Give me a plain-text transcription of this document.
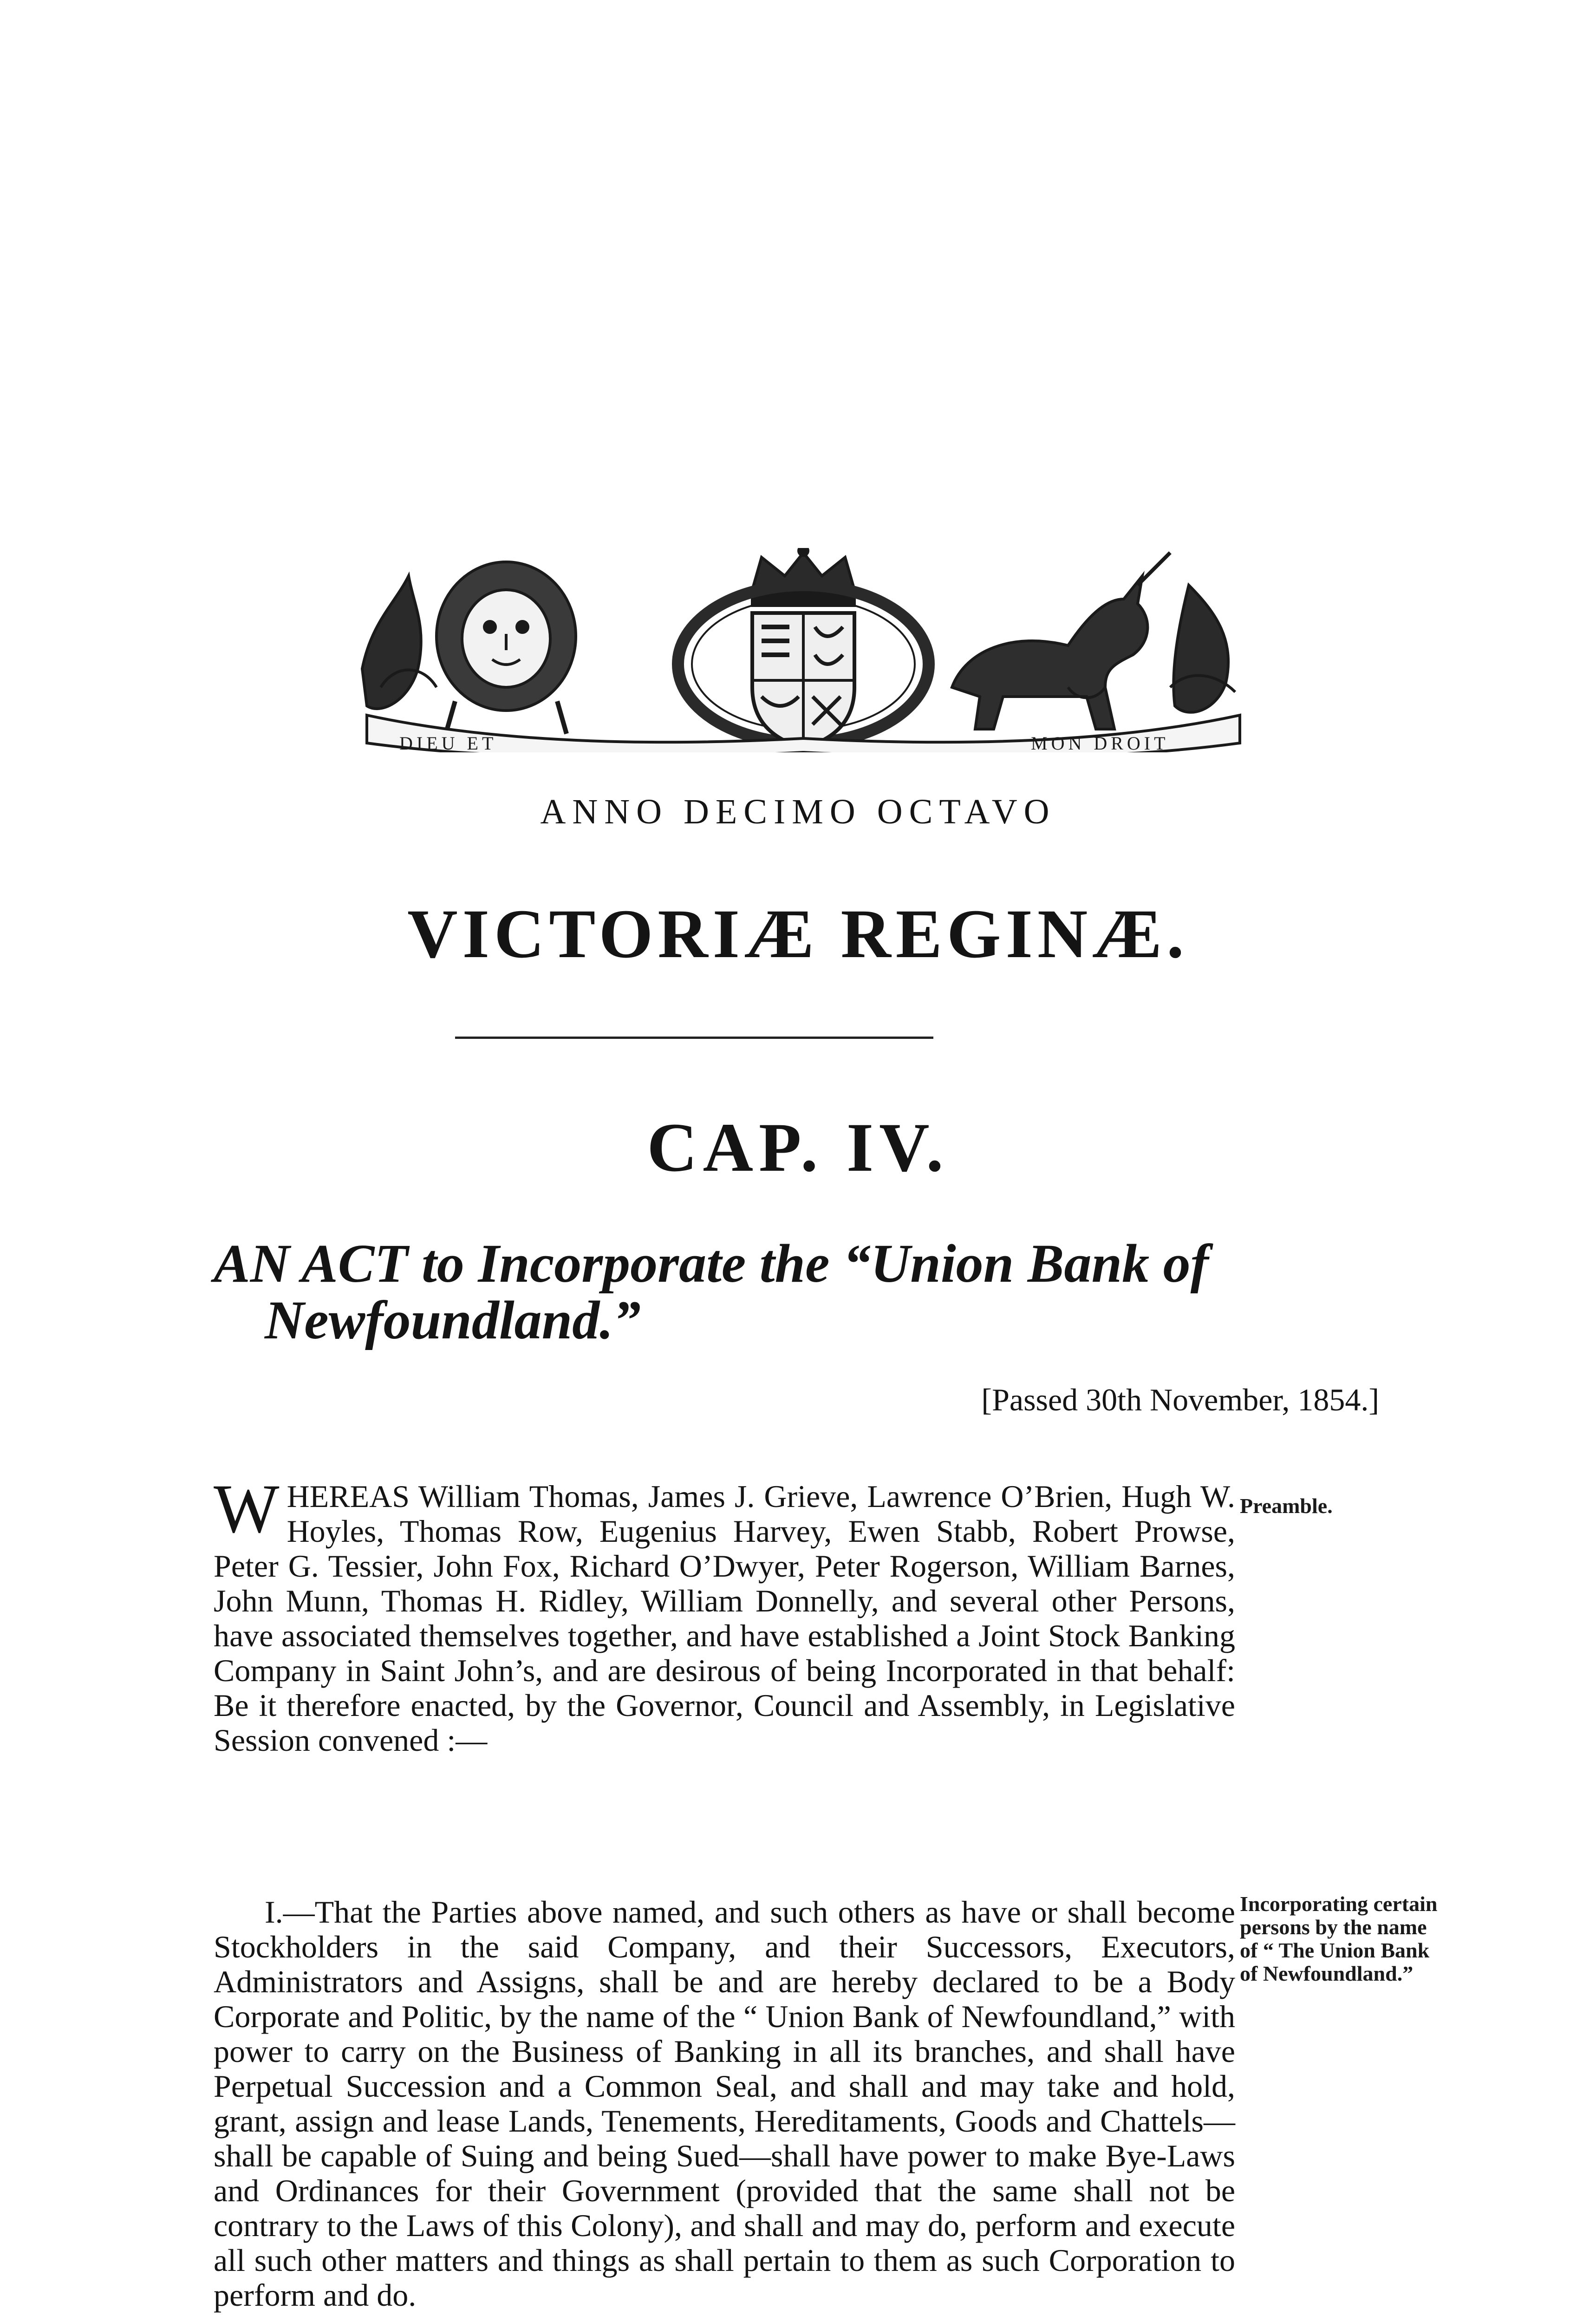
DIEU ET	MON DROIT
ANNO DECIMO OCTAVO
VICTORIÆ REGINÆ.
CAP. IV.
AN ACT to Incorporate the “Union Bank of
Newfoundland.”
[Passed 30th November, 1854.]
WHEREAS William Thomas, James J. Grieve, Lawrence O’Brien, Hugh W. Hoyles, Thomas Row, Eugenius Harvey, Ewen Stabb, Robert Prowse, Peter G. Tessier, John Fox, Richard O’Dwyer, Peter Rogerson, William Barnes, John Munn, Thomas H. Ridley, William Donnelly, and several other Persons, have associated themselves together, and have established a Joint Stock Banking Company in Saint John’s, and are desirous of being Incorporated in that behalf: Be it therefore enacted, by the Governor, Council and Assembly, in Legislative Session convened :—
Preamble.
I.—That the Parties above named, and such others as have or shall become Stockholders in the said Company, and their Successors, Executors, Administrators and Assigns, shall be and are hereby declared to be a Body Corporate and Politic, by the name of the “ Union Bank of Newfoundland,” with power to carry on the Business of Banking in all its branches, and shall have Perpetual Succession and a Common Seal, and shall and may take and hold, grant, assign and lease Lands, Tenements, Hereditaments, Goods and Chattels—shall be capable of Suing and being Sued—shall have power to make Bye-Laws and Ordinances for their Government (provided that the same shall not be contrary to the Laws of this Colony), and shall and may do, perform and execute all such other matters and things as shall pertain to them as such Corporation to perform and do.
Incorporating certain persons by the name of “ The Union Bank of Newfoundland.”
